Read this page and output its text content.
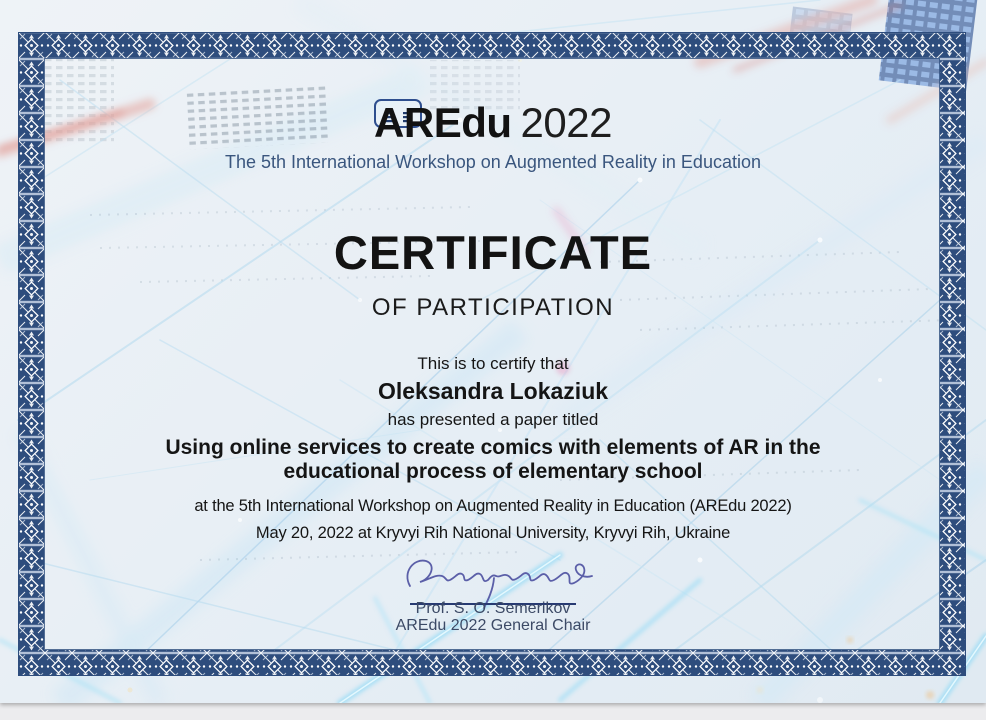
AREdu 2022
The 5th International Workshop on Augmented Reality in Education
CERTIFICATE
OF PARTICIPATION
This is to certify that
Oleksandra Lokaziuk
has presented a paper titled
Using online services to create comics with elements of AR in the educational process of elementary school
at the 5th International Workshop on Augmented Reality in Education (AREdu 2022)
May 20, 2022 at Kryvyi Rih National University, Kryvyi Rih, Ukraine
Prof. S. O. Semerikov
AREdu 2022 General Chair
